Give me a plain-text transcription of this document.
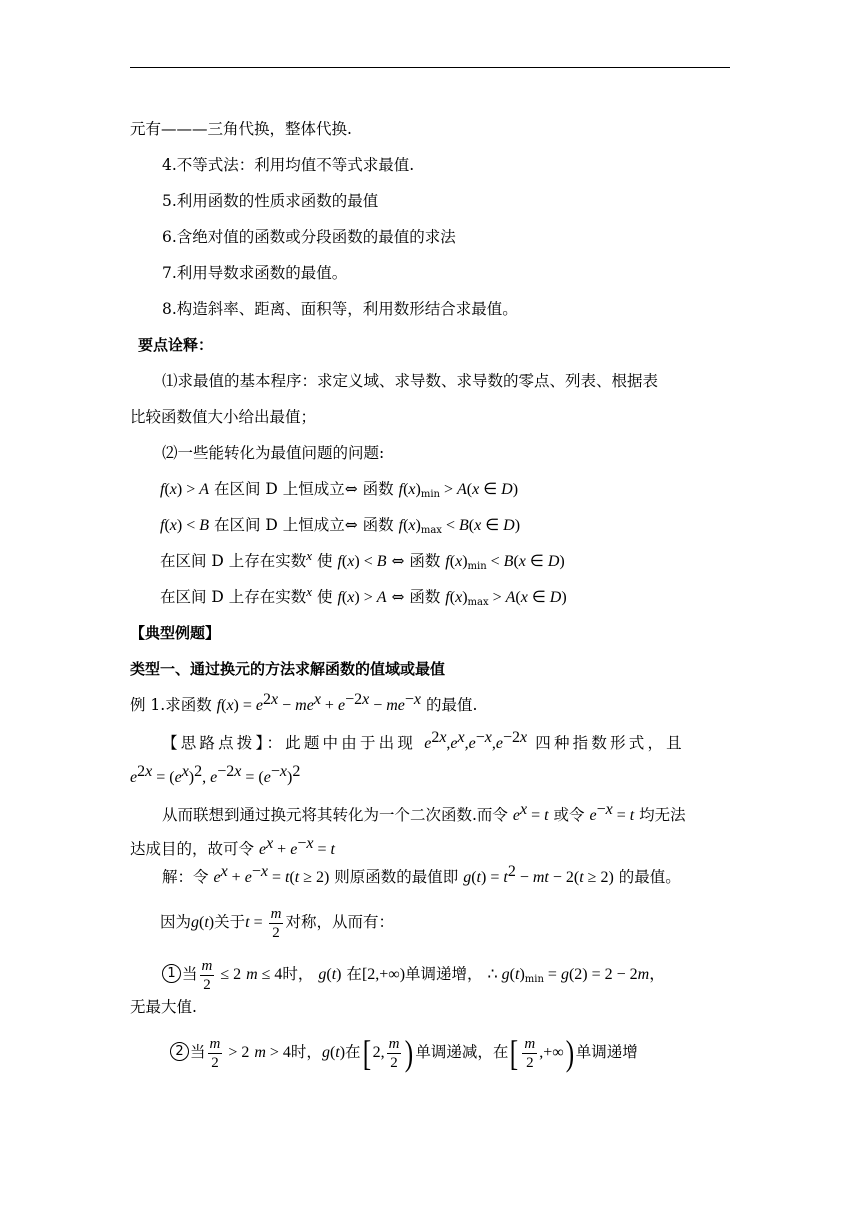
元有———三角代换，整体代换.
4.不等式法：利用均值不等式求最值.
5.利用函数的性质求函数的最值
6.含绝对值的函数或分段函数的最值的求法
7.利用导数求函数的最值。
8.构造斜率、距离、面积等，利用数形结合求最值。
要点诠释：
⑴求最值的基本程序：求定义域、求导数、求导数的零点、列表、根据表
比较函数值大小给出最值；
⑵一些能转化为最值问题的问题:
f(x) > A 在区间 D 上恒成立⇔ 函数 $f(x)_{min} > A(x$ ∈ D)
f(x) < B 在区间 D 上恒成立⇔ 函数 $f(x)_{max} < B(x$ ∈ D)
在区间 D 上存在实数$^x$ 使 f(x) < B ⇔ 函数 $f(x)_{min} < B(x$ ∈ D)
在区间 D 上存在实数$^x$ 使 f(x) > A ⇔ 函数 $f(x)_{max} > A(x$ ∈ D)
【典型例题】
类型一、通过换元的方法求解函数的值域或最值
例 1.求函数 $f(x) = e^{2x} - me^x + e^{-2x} - me^{-x}$ 的最值.
【思路点拨】：此题中由于出现 $e^{2x},e^x,e^{-x},e^{-2x}$ 四种指数形式，且
$e^{2x} = (e^x)^2$, $e^{-2x} = (e^{-x})^2$
从而联想到通过换元将其转化为一个二次函数.而令 $e^x = t$ 或令 $e^{-x} = t$ 均无法
达成目的，故可令 $e^x + e^{-x} = t$
解：令 $e^x + e^{-x} = t(t \ge 2)$ 则原函数的最值即 $g(t) = t^2$ − mt − 2(t ≥ 2) 的最值。
因为g(t)关于$t = \frac{m}{2}$ 对称，从而有：
1 当 $\frac{m}{2} \le 2$ m ≤ 4时， g(t) 在[2,+∞)单调递增， ∴ $g(t)_{min} = g(2) = 2 - 2m$，
无最大值.
2 当 $\frac{m}{2} > 2$ m > 4时，g(t)在[ 2, $\frac{m}{2}$ ) 单调递减，在[ $\frac{m}{2}$ ,+∞) 单调递增
